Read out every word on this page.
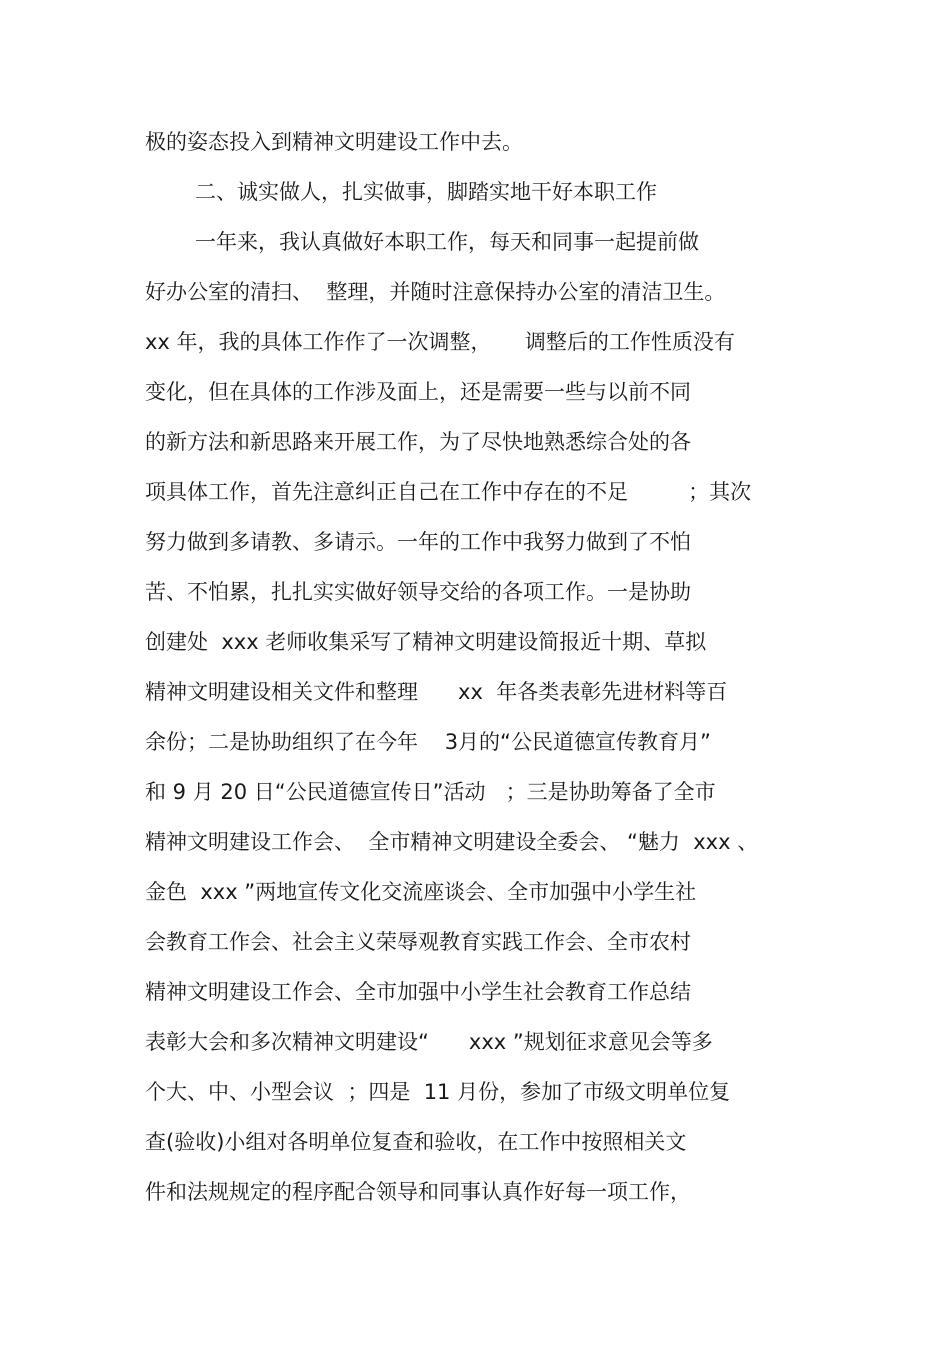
极的姿态投入到精神文明建设工作中去。
二、诚实做人，扎实做事，脚踏实地干好本职工作
一年来，我认真做好本职工作，每天和同事一起提前做
好办公室的清扫、  整理，并随时注意保持办公室的清洁卫生。
xx 年，我的具体工作作了一次调整，     调整后的工作性质没有
变化，但在具体的工作涉及面上，还是需要一些与以前不同
的新方法和新思路来开展工作，为了尽快地熟悉综合处的各
项具体工作，首先注意纠正自己在工作中存在的不足         ；其次
努力做到多请教、多请示。一年的工作中我努力做到了不怕
苦、不怕累，扎扎实实做好领导交给的各项工作。一是协助
创建处  xxx 老师收集采写了精神文明建设简报近十期、草拟
精神文明建设相关文件和整理      xx  年各类表彰先进材料等百
余份；二是协助组织了在今年    3月的“公民道德宣传教育月”
和 9 月 20 日“公民道德宣传日”活动   ；三是协助筹备了全市
精神文明建设工作会、  全市精神文明建设全委会、 “魅力  xxx 、
金色  xxx ”两地宣传文化交流座谈会、全市加强中小学生社
会教育工作会、社会主义荣辱观教育实践工作会、全市农村
精神文明建设工作会、全市加强中小学生社会教育工作总结
表彰大会和多次精神文明建设“      xxx ”规划征求意见会等多
个大、中、小型会议  ；四是  11 月份，参加了市级文明单位复
查(验收)小组对各明单位复查和验收，在工作中按照相关文
件和法规规定的程序配合领导和同事认真作好每一项工作，
